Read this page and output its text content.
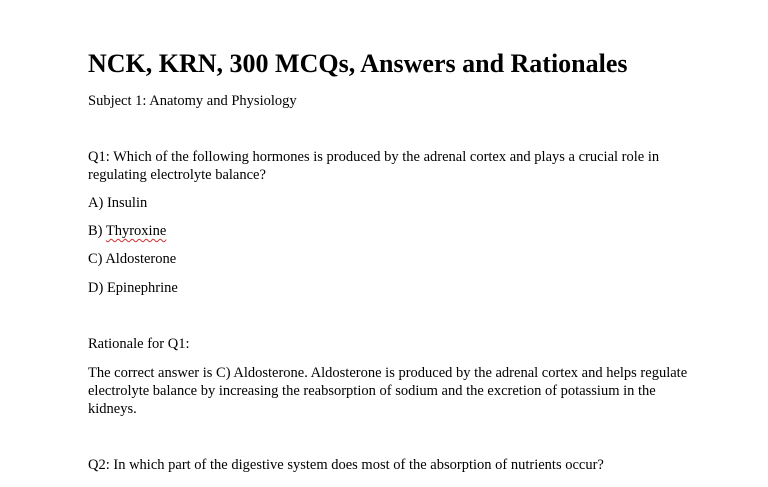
NCK, KRN, 300 MCQs, Answers and Rationales
Subject 1: Anatomy and Physiology

Q1: Which of the following hormones is produced by the adrenal cortex and plays a crucial role in regulating electrolyte balance?

A) Insulin
B) Thyroxine
C) Aldosterone
D) Epinephrine
Rationale for Q1:

The correct answer is C) Aldosterone. Aldosterone is produced by the adrenal cortex and helps regulate electrolyte balance by increasing the reabsorption of sodium and the excretion of potassium in the kidneys.

Q2: In which part of the digestive system does most of the absorption of nutrients occur?
